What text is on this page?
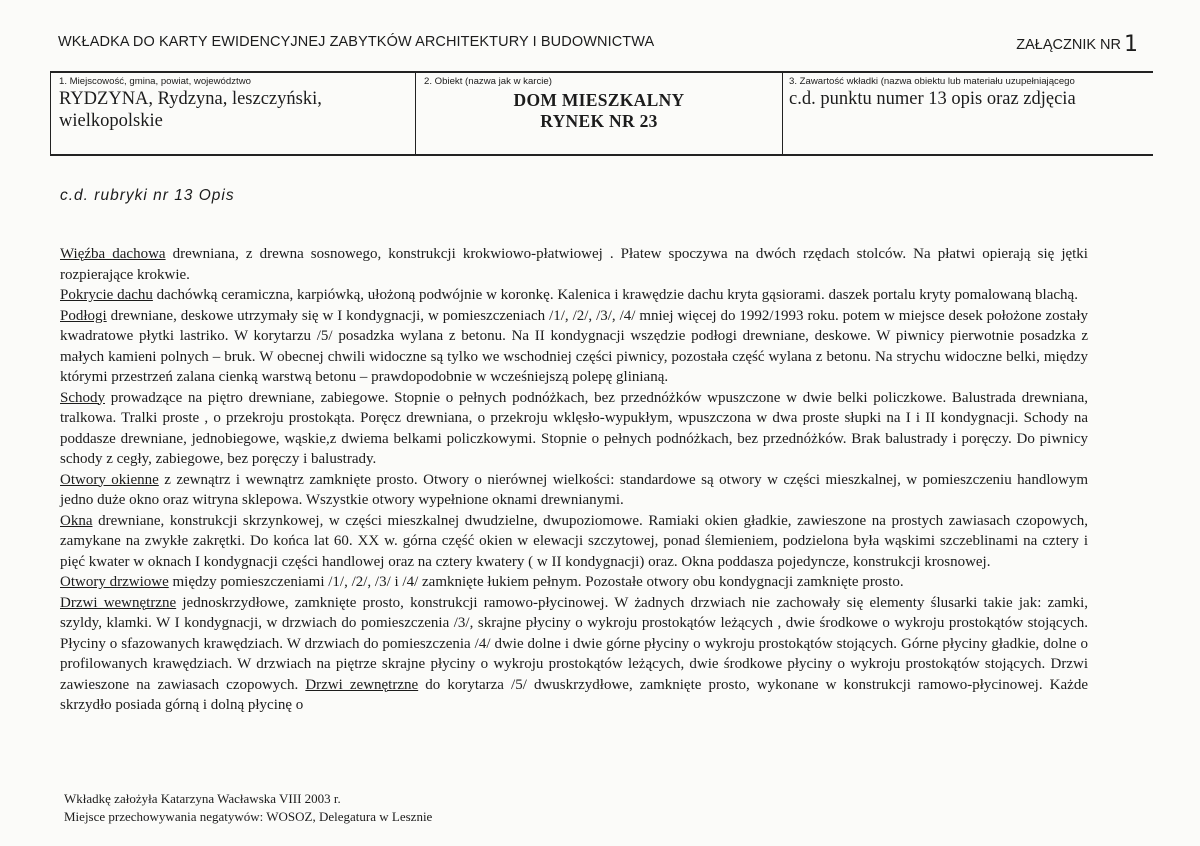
WKŁADKA DO KARTY EWIDENCYJNEJ ZABYTKÓW ARCHITEKTURY I BUDOWNICTWA	ZAŁĄCZNIK NR 1
1. Miejscowość, gmina, powiat, województwo
RYDZYNA, Rydzyna, leszczyński, wielkopolskie
2. Obiekt (nazwa jak w karcie)
DOM MIESZKALNY
RYNEK NR 23
3. Zawartość wkładki (nazwa obiektu lub materiału uzupełniającego
c.d. punktu numer 13 opis oraz zdjęcia
c.d. rubryki nr 13 Opis

Więźba dachowa drewniana, z drewna sosnowego, konstrukcji krokwiowo-płatwiowej . Płatew spoczywa na dwóch rzędach stolców. Na płatwi opierają się jętki rozpierające krokwie.

Pokrycie dachu dachówką ceramiczna, karpiówką, ułożoną podwójnie w koronkę. Kalenica i krawędzie dachu kryta gąsiorami. daszek portalu kryty pomalowaną blachą.

Podłogi drewniane, deskowe utrzymały się w I kondygnacji, w pomieszczeniach /1/, /2/, /3/, /4/ mniej więcej do 1992/1993 roku. potem w miejsce desek położone zostały kwadratowe płytki lastriko. W korytarzu /5/ posadzka wylana z betonu. Na II kondygnacji wszędzie podłogi drewniane, deskowe. W piwnicy pierwotnie posadzka z małych kamieni polnych – bruk. W obecnej chwili widoczne są tylko we wschodniej części piwnicy, pozostała część wylana z betonu. Na strychu widoczne belki, między którymi przestrzeń zalana cienką warstwą betonu – prawdopodobnie w wcześniejszą polepę glinianą.

Schody prowadzące na piętro drewniane, zabiegowe. Stopnie o pełnych podnóżkach, bez przednóżków wpuszczone w dwie belki policzkowe. Balustrada drewniana, tralkowa. Tralki proste , o przekroju prostokąta. Poręcz drewniana, o przekroju wklęsło-wypukłym, wpuszczona w dwa proste słupki na I i II kondygnacji. Schody na poddasze drewniane, jednobiegowe, wąskie,z dwiema belkami policzkowymi. Stopnie o pełnych podnóżkach, bez przednóżków. Brak balustrady i poręczy. Do piwnicy schody z cegły, zabiegowe, bez poręczy i balustrady.

Otwory okienne z zewnątrz i wewnątrz zamknięte prosto. Otwory o nierównej wielkości: standardowe są otwory w części mieszkalnej, w pomieszczeniu handlowym jedno duże okno oraz witryna sklepowa. Wszystkie otwory wypełnione oknami drewnianymi.

Okna drewniane, konstrukcji skrzynkowej, w części mieszkalnej dwudzielne, dwupoziomowe. Ramiaki okien gładkie, zawieszone na prostych zawiasach czopowych, zamykane na zwykłe zakrętki. Do końca lat 60. XX w. górna część okien w elewacji szczytowej, ponad ślemieniem, podzielona była wąskimi szczeblinami na cztery i pięć kwater w oknach I kondygnacji części handlowej oraz na cztery kwatery ( w II kondygnacji) oraz. Okna poddasza pojedyncze, konstrukcji krosnowej.

Otwory drzwiowe między pomieszczeniami /1/, /2/, /3/ i /4/ zamknięte łukiem pełnym. Pozostałe otwory obu kondygnacji zamknięte prosto.

Drzwi wewnętrzne jednoskrzydłowe, zamknięte prosto, konstrukcji ramowo-płycinowej. W żadnych drzwiach nie zachowały się elementy ślusarki takie jak: zamki, szyldy, klamki. W I kondygnacji, w drzwiach do pomieszczenia /3/, skrajne płyciny o wykroju prostokątów leżących , dwie środkowe o wykroju prostokątów stojących. Płyciny o sfazowanych krawędziach. W drzwiach do pomieszczenia /4/ dwie dolne i dwie górne płyciny o wykroju prostokątów stojących. Górne płyciny gładkie, dolne o profilowanych krawędziach. W drzwiach na piętrze skrajne płyciny o wykroju prostokątów leżących, dwie środkowe płyciny o wykroju prostokątów stojących. Drzwi zawieszone na zawiasach czopowych. Drzwi zewnętrzne do korytarza /5/ dwuskrzydłowe, zamknięte prosto, wykonane w konstrukcji ramowo-płycinowej. Każde skrzydło posiada górną i dolną płycinę o

Wkładkę założyła Katarzyna Wacławska VIII 2003 r.
Miejsce przechowywania negatywów: WOSOZ, Delegatura w Lesznie
